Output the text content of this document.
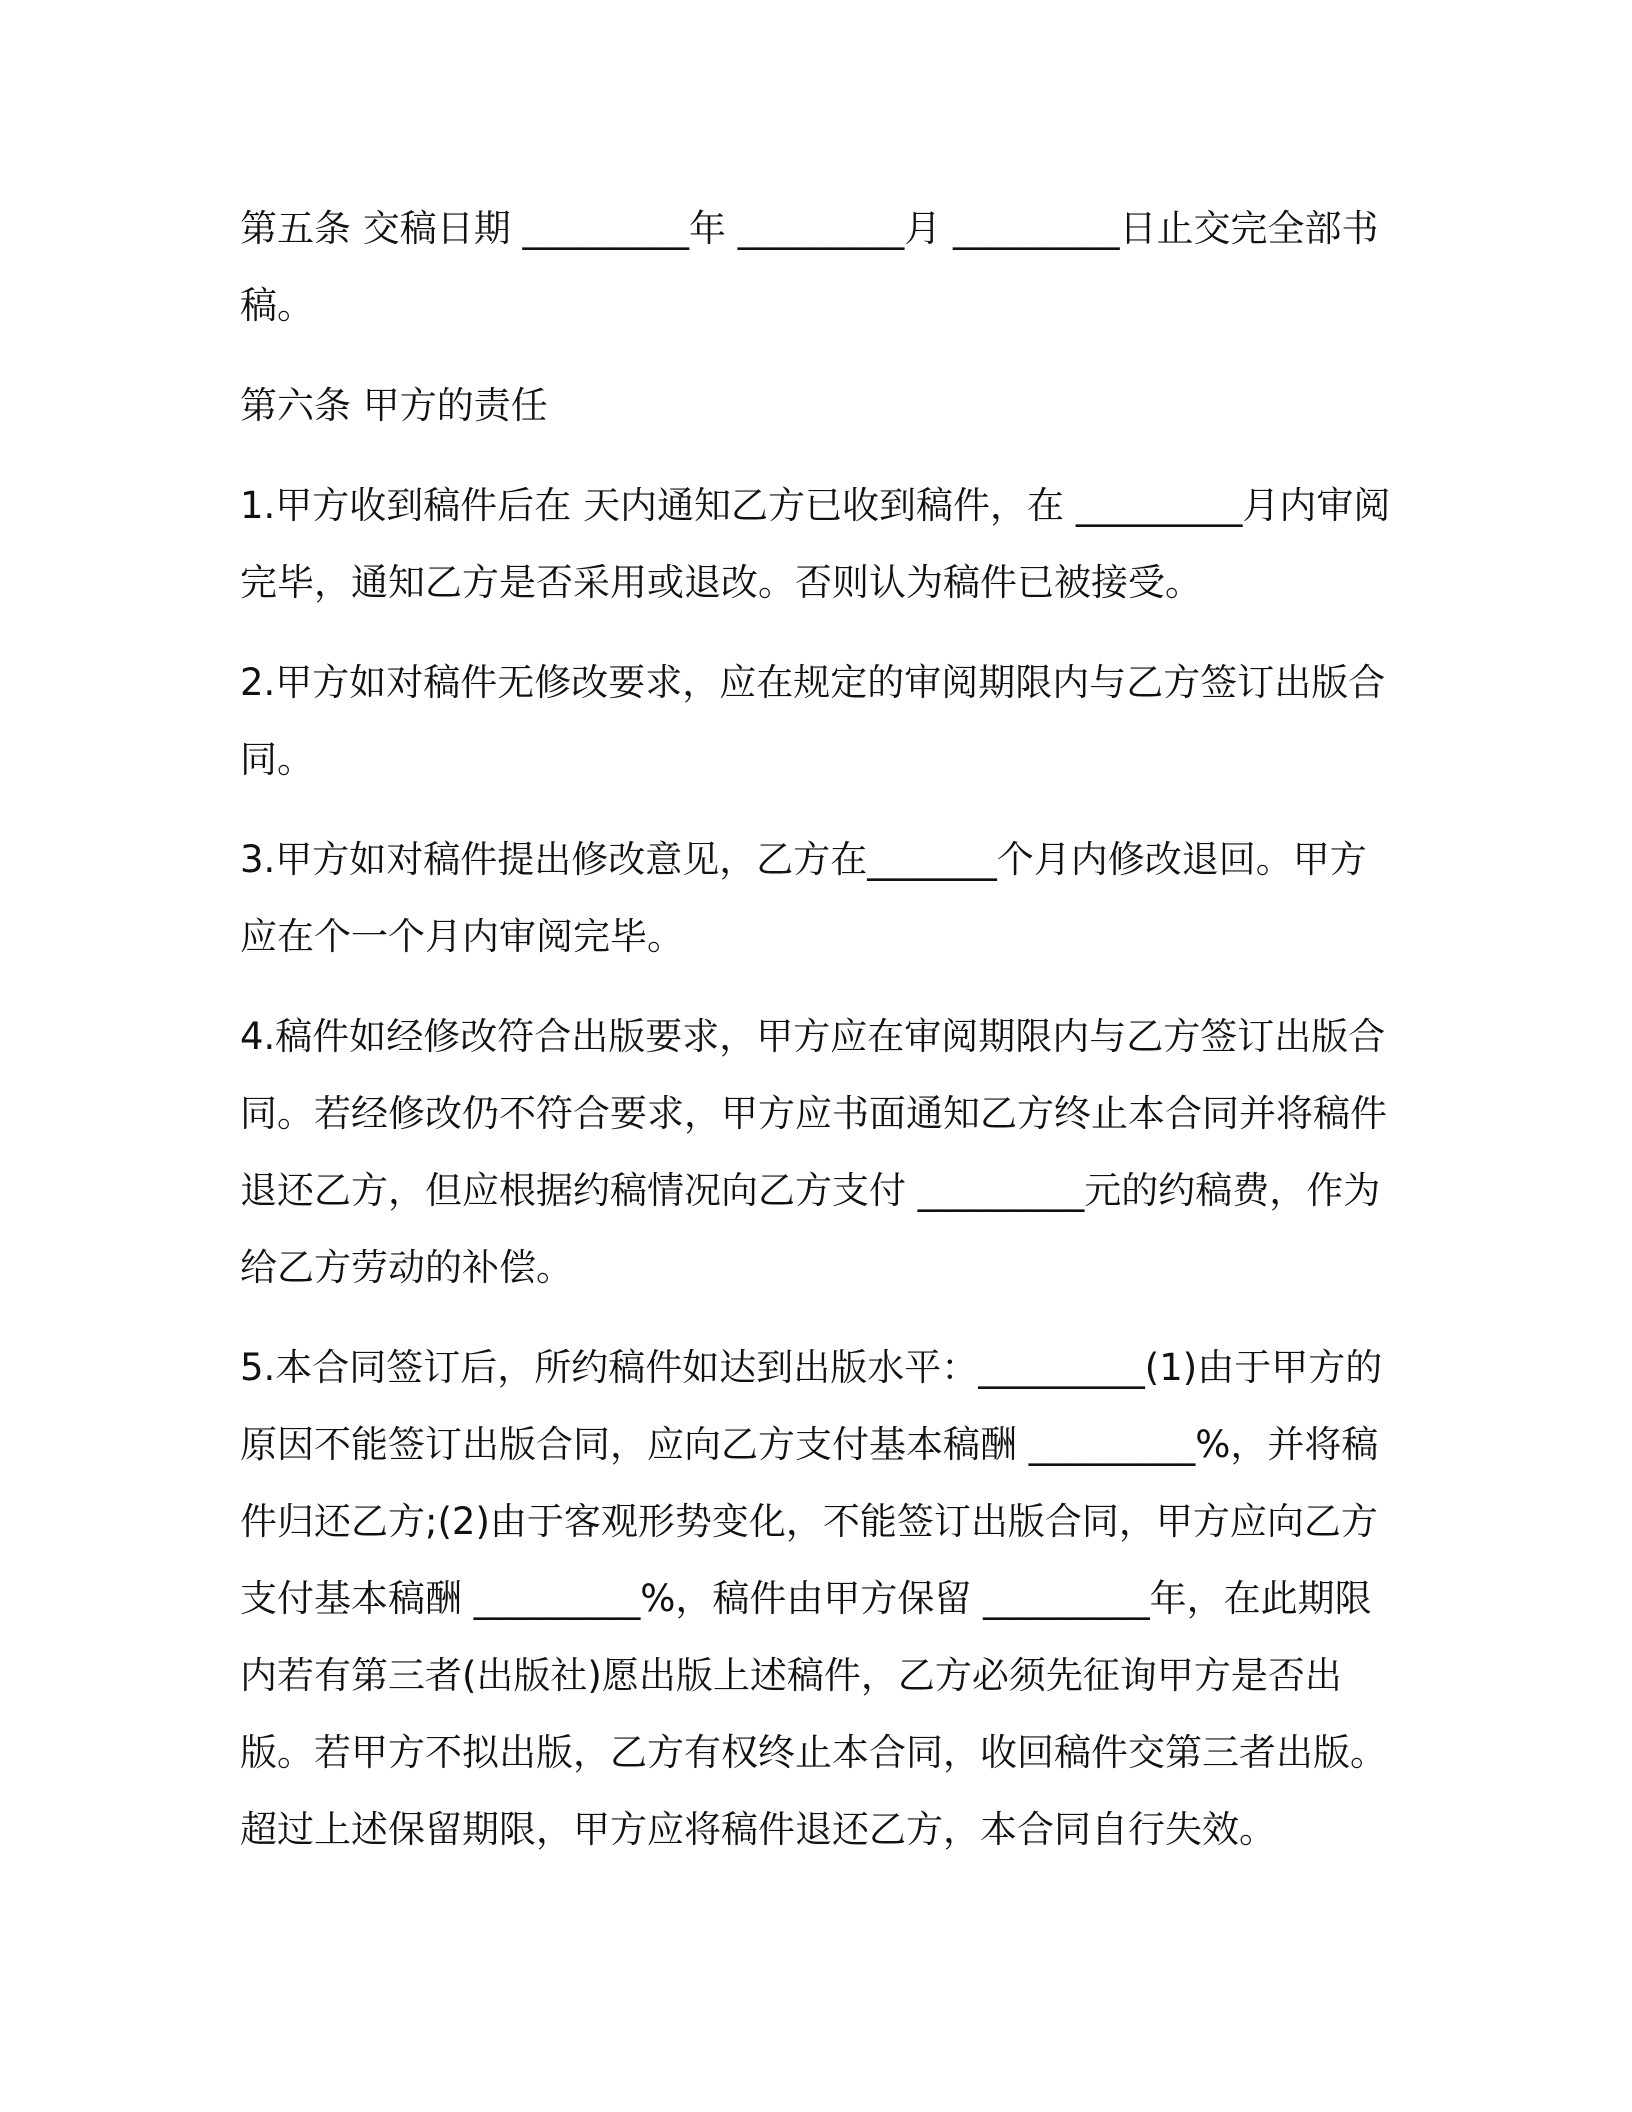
第五条 交稿日期 _________年 _________月 _________日止交完全部书稿。

第六条 甲方的责任

1.甲方收到稿件后在 天内通知乙方已收到稿件，在 _________月内审阅完毕，通知乙方是否采用或退改。否则认为稿件已被接受。

2.甲方如对稿件无修改要求，应在规定的审阅期限内与乙方签订出版合同。

3.甲方如对稿件提出修改意见，乙方在_______个月内修改退回。甲方应在个一个月内审阅完毕。

4.稿件如经修改符合出版要求，甲方应在审阅期限内与乙方签订出版合同。若经修改仍不符合要求，甲方应书面通知乙方终止本合同并将稿件退还乙方，但应根据约稿情况向乙方支付 _________元的约稿费，作为给乙方劳动的补偿。

5.本合同签订后，所约稿件如达到出版水平：_________(1)由于甲方的原因不能签订出版合同，应向乙方支付基本稿酬 _________%，并将稿件归还乙方;(2)由于客观形势变化，不能签订出版合同，甲方应向乙方支付基本稿酬 _________%，稿件由甲方保留 _________年，在此期限内若有第三者(出版社)愿出版上述稿件，乙方必须先征询甲方是否出版。若甲方不拟出版，乙方有权终止本合同，收回稿件交第三者出版。超过上述保留期限，甲方应将稿件退还乙方，本合同自行失效。
